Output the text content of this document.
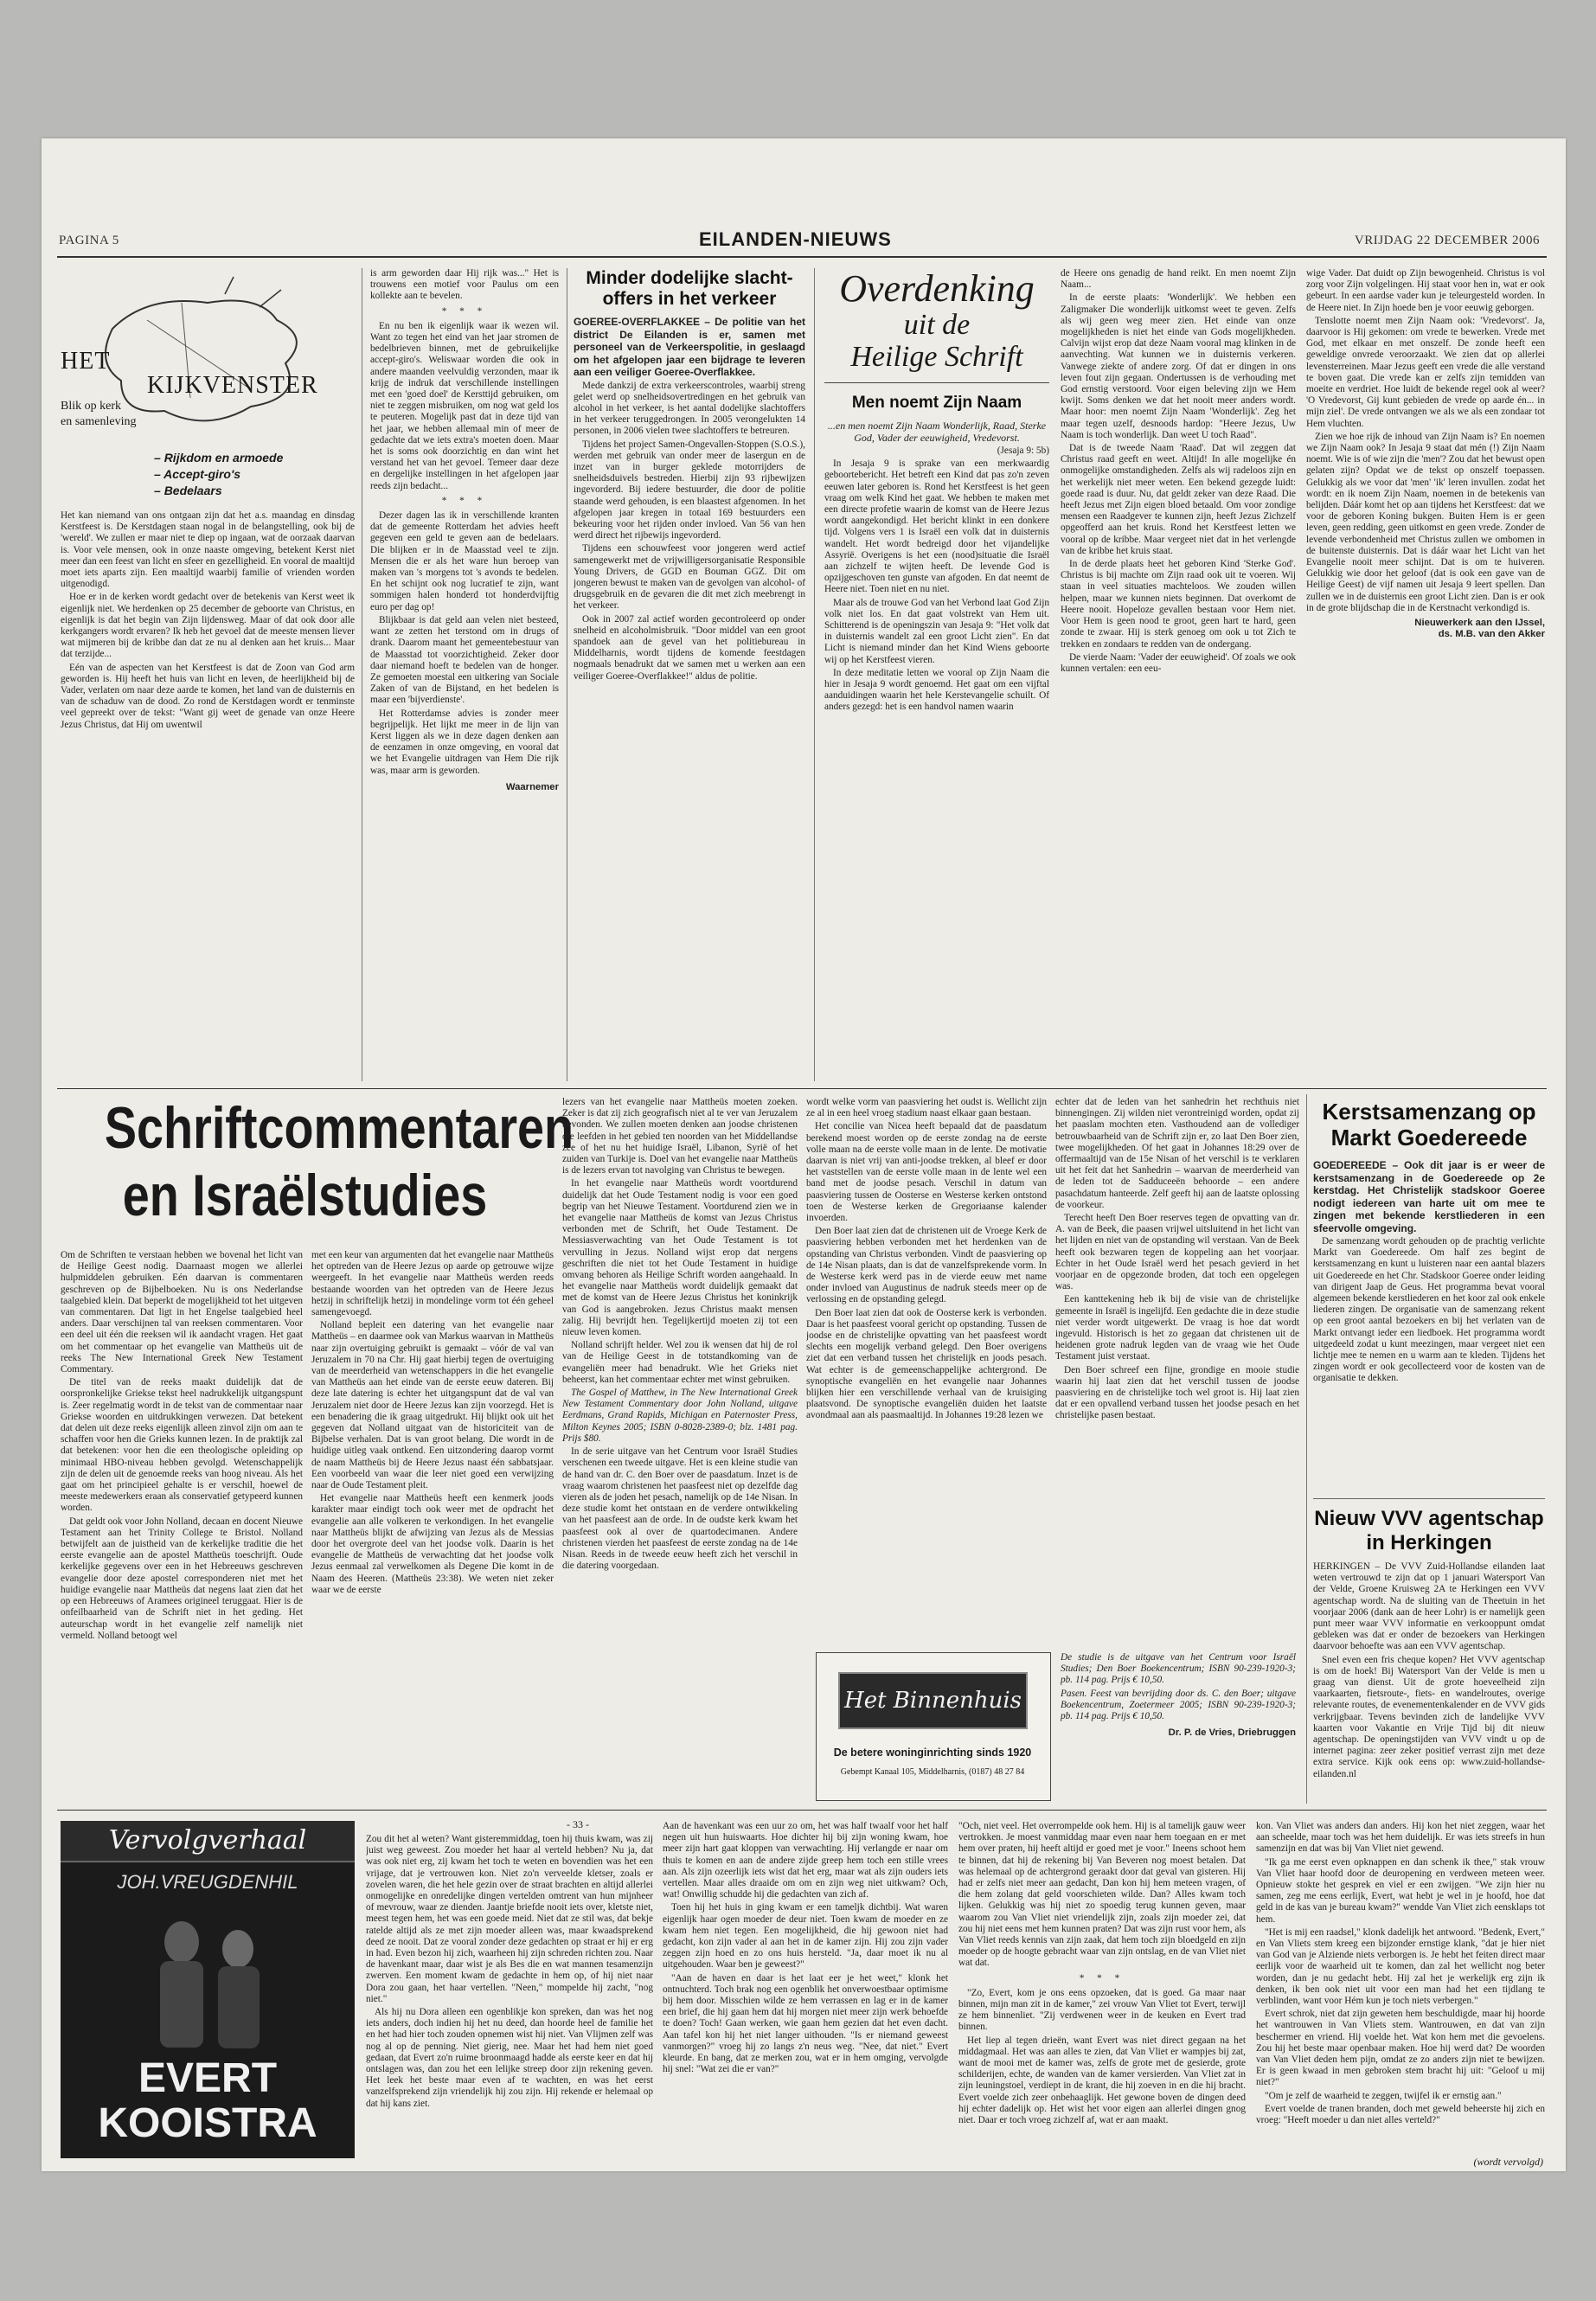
PAGINA 5	EILANDEN-NIEUWS	VRIJDAG 22 DECEMBER 2006
HET
KIJKVENSTER
Blik op kerk
en samenleving

– Rijkdom en armoede

– Accept-giro's

– Bedelaars

Het kan niemand van ons ontgaan zijn dat het a.s. maandag en dinsdag Kerstfeest is. De Kerstdagen staan nogal in de belangstelling, ook bij de 'wereld'. We zullen er maar niet te diep op ingaan, wat de oorzaak daarvan is. Voor vele mensen, ook in onze naaste omgeving, betekent Kerst niet meer dan een feest van licht en sfeer en gezelligheid. En vooral de maaltijd moet iets aparts zijn. Een maaltijd waarbij familie of vrienden worden uitgenodigd.

Hoe er in de kerken wordt gedacht over de betekenis van Kerst weet ik eigenlijk niet. We herdenken op 25 december de geboorte van Christus, en eigenlijk is dat het begin van Zijn lijdensweg. Maar of dat ook door alle kerkgangers wordt ervaren? Ik heb het gevoel dat de meeste mensen liever wat mijmeren bij de kribbe dan dat ze nu al denken aan het kruis... Maar dat terzijde...

Eén van de aspecten van het Kerstfeest is dat de Zoon van God arm geworden is. Hij heeft het huis van licht en leven, de heerlijkheid bij de Vader, verlaten om naar deze aarde te komen, het land van de duisternis en van de schaduw van de dood. Zo rond de Kerstdagen wordt er tenminste veel gepreekt over de tekst: "Want gij weet de genade van onze Heere Jezus Christus, dat Hij om uwentwil

is arm geworden daar Hij rijk was..." Het is trouwens een motief voor Paulus om een kollekte aan te bevelen.

* * *

En nu ben ik eigenlijk waar ik wezen wil. Want zo tegen het eind van het jaar stromen de bedelbrieven binnen, met de gebruikelijke accept-giro's. Weliswaar worden die ook in andere maanden veelvuldig verzonden, maar ik krijg de indruk dat verschillende instellingen met een 'goed doel' de Kersttijd gebruiken, om niet te zeggen misbruiken, om nog wat geld los te peuteren. Mogelijk past dat in deze tijd van het jaar, we hebben allemaal min of meer de gedachte dat we iets extra's moeten doen. Maar het is soms ook doorzichtig en dan wint het verstand het van het gevoel. Temeer daar deze en dergelijke instellingen in het afgelopen jaar reeds zijn bedacht...

* * *

Dezer dagen las ik in verschillende kranten dat de gemeente Rotterdam het advies heeft gegeven een geld te geven aan de bedelaars. Die blijken er in de Maasstad veel te zijn. Mensen die er als het ware hun beroep van maken van 's morgens tot 's avonds te bedelen. En het schijnt ook nog lucratief te zijn, want sommigen halen honderd tot honderdvijftig euro per dag op!

Blijkbaar is dat geld aan velen niet besteed, want ze zetten het terstond om in drugs of drank. Daarom maant het gemeentebestuur van de Maasstad tot voorzichtigheid. Zeker door daar niemand hoeft te bedelen van de honger. Ze gemoeten moestal een uitkering van Sociale Zaken of van de Bijstand, en het bedelen is maar een 'bijverdienste'.

Het Rotterdamse advies is zonder meer begrijpelijk. Het lijkt me meer in de lijn van Kerst liggen als we in deze dagen denken aan de eenzamen in onze omgeving, en vooral dat we het Evangelie uitdragen van Hem Die rijk was, maar arm is geworden.

Waarnemer
Minder dodelijke slacht-
offers in het verkeer

GOEREE-OVERFLAKKEE – De politie van het district De Eilanden is er, samen met personeel van de Verkeerspolitie, in geslaagd om het afgelopen jaar een bijdrage te leveren aan een veiliger Goeree-Overflakkee.

Mede dankzij de extra verkeerscontroles, waarbij streng gelet werd op snelheidsovertredingen en het gebruik van alcohol in het verkeer, is het aantal dodelijke slachtoffers in het verkeer teruggedrongen. In 2005 verongelukten 14 personen, in 2006 vielen twee slachtoffers te betreuren.

Tijdens het project Samen-Ongevallen-Stoppen (S.O.S.), werden met gebruik van onder meer de lasergun en de inzet van in burger geklede motorrijders de snelheidsduivels bestreden. Hierbij zijn 93 rijbewijzen ingevorderd. Bij iedere bestuurder, die door de politie staande werd gehouden, is een blaastest afgenomen. In het afgelopen jaar kregen in totaal 169 bestuurders een bekeuring voor het rijden onder invloed. Van 56 van hen werd direct het rijbewijs ingevorderd.

Tijdens een schouwfeest voor jongeren werd actief samengewerkt met de vrijwilligersorganisatie Responsible Young Drivers, de GGD en Bouman GGZ. Dit om jongeren bewust te maken van de gevolgen van alcohol- of drugsgebruik en de gevaren die dit met zich meebrengt in het verkeer.

Ook in 2007 zal actief worden gecontroleerd op onder snelheid en alcoholmisbruik. "Door middel van een groot spandoek aan de gevel van het politiebureau in Middelharnis, wordt tijdens de komende feestdagen nogmaals benadrukt dat we samen met u werken aan een veiliger Goeree-Overflakkee!" aldus de politie.

Overdenking
uit de
Heilige Schrift
Men noemt Zijn Naam

...en men noemt Zijn Naam Wonderlijk, Raad, Sterke God, Vader der eeuwigheid, Vredevorst.

(Jesaja 9: 5b)

In Jesaja 9 is sprake van een merkwaardig geboortebericht. Het betreft een Kind dat pas zo'n zeven eeuwen later geboren is. Rond het Kerstfeest is het geen vraag om welk Kind het gaat. We hebben te maken met een directe profetie waarin de komst van de Heere Jezus wordt aangekondigd. Het bericht klinkt in een donkere tijd. Volgens vers 1 is Israël een volk dat in duisternis wandelt. Het wordt bedreigd door het vijandelijke Assyrië. Overigens is het een (nood)situatie die Israël aan zichzelf te wijten heeft. De levende God is opzijgeschoven ten gunste van afgoden. En dat neemt de Heere niet. Toen niet en nu niet.

Maar als de trouwe God van het Verbond laat God Zijn volk niet los. En dat gaat volstrekt van Hem uit. Schitterend is de openingszin van Jesaja 9: "Het volk dat in duisternis wandelt zal een groot Licht zien". En dat Licht is niemand minder dan het Kind Wiens geboorte wij op het Kerstfeest vieren.

In deze meditatie letten we vooral op Zijn Naam die hier in Jesaja 9 wordt genoemd. Het gaat om een vijftal aanduidingen waarin het hele Kerstevangelie schuilt. Of anders gezegd: het is een handvol namen waarin

de Heere ons genadig de hand reikt. En men noemt Zijn Naam...

In de eerste plaats: 'Wonderlijk'. We hebben een Zaligmaker Die wonderlijk uitkomst weet te geven. Zelfs als wij geen weg meer zien. Het einde van onze mogelijkheden is niet het einde van Gods mogelijkheden. Calvijn wijst erop dat deze Naam vooral mag klinken in de aanvechting. Wat kunnen we in duisternis verkeren. Vanwege ziekte of andere zorg. Of dat er dingen in ons leven fout zijn gegaan. Ondertussen is de verhouding met God ernstig verstoord. Voor eigen beleving zijn we Hem kwijt. Soms denken we dat het nooit meer anders wordt. Maar hoor: men noemt Zijn Naam 'Wonderlijk'. Zeg het maar tegen uzelf, desnoods hardop: "Heere Jezus, Uw Naam is toch wonderlijk. Dan weet U toch Raad".

Dat is de tweede Naam 'Raad'. Dat wil zeggen dat Christus raad geeft en weet. Altijd! In alle mogelijke én onmogelijke omstandigheden. Zelfs als wij radeloos zijn en het werkelijk niet meer weten. Een bekend gezegde luidt: goede raad is duur. Nu, dat geldt zeker van deze Raad. Die heeft Jezus met Zijn eigen bloed betaald. Om voor zondige mensen een Raadgever te kunnen zijn, heeft Jezus Zichzelf opgeofferd aan het kruis. Rond het Kerstfeest letten we vooral op de kribbe. Maar vergeet niet dat in het verlengde van de kribbe het kruis staat.

In de derde plaats heet het geboren Kind 'Sterke God'. Christus is bij machte om Zijn raad ook uit te voeren. Wij staan in veel situaties machteloos. We zouden willen helpen, maar we kunnen niets beginnen. Dat overkomt de Heere nooit. Hopeloze gevallen bestaan voor Hem niet. Voor Hem is geen nood te groot, geen hart te hard, geen zonde te zwaar. Hij is sterk genoeg om ook u tot Zich te trekken en zondaars te redden van de ondergang.

De vierde Naam: 'Vader der eeuwigheid'. Of zoals we ook kunnen vertalen: een eeu-

wige Vader. Dat duidt op Zijn bewogenheid. Christus is vol zorg voor Zijn volgelingen. Hij staat voor hen in, wat er ook gebeurt. In een aardse vader kun je teleurgesteld worden. In de Heere niet. In Zijn hoede ben je voor eeuwig geborgen.

Tenslotte noemt men Zijn Naam ook: 'Vredevorst'. Ja, daarvoor is Hij gekomen: om vrede te bewerken. Vrede met God, met elkaar en met onszelf. De zonde heeft een geweldige onvrede veroorzaakt. We zien dat op allerlei levensterreinen. Maar Jezus geeft een vrede die alle verstand te boven gaat. Die vrede kan er zelfs zijn temidden van moeite en verdriet. Hoe luidt de bekende regel ook al weer? 'O Vredevorst, Gij kunt gebieden de vrede op aarde én... in mijn ziel'. De vrede ontvangen we als we als een zondaar tot Hem vluchten.

Zien we hoe rijk de inhoud van Zijn Naam is? En noemen we Zijn Naam ook? In Jesaja 9 staat dat mén (!) Zijn Naam noemt. Wie is of wie zijn die 'men'? Zou dat het bewust open gelaten zijn? Opdat we de tekst op onszelf toepassen. Gelukkig als we voor dat 'men' 'ik' leren invullen. zodat het wordt: en ik noem Zijn Naam, noemen in de betekenis van belijden. Dáár komt het op aan tijdens het Kerstfeest: dat we voor de geboren Koning bukgen. Buiten Hem is er geen leven, geen redding, geen uitkomst en geen vrede. Zonder de levende verbondenheid met Christus zullen we ombomen in de buitenste duisternis. Dat is dáár waar het Licht van het Evangelie nooit meer schijnt. Dat is om te huiveren. Gelukkig wie door het geloof (dat is ook een gave van de Heilige Geest) de vijf namen uit Jesaja 9 leert spellen. Dan zullen we in de duisternis een groot Licht zien. Dan is er ook in de grote blijdschap die in de Kerstnacht verkondigd is.

Nieuwerkerk aan den IJssel,
ds. M.B. van den Akker
Schriftcommentaren
en Israëlstudies

Om de Schriften te verstaan hebben we bovenal het licht van de Heilige Geest nodig. Daarnaast mogen we allerlei hulpmiddelen gebruiken. Eén daarvan is commentaren geschreven op de Bijbelboeken. Nu is ons Nederlandse taalgebied klein. Dat beperkt de mogelijkheid tot het uitgeven van commentaren. Dat ligt in het Engelse taalgebied heel anders. Daar verschijnen tal van reeksen commentaren. Voor een deel uit één die reeksen wil ik aandacht vragen. Het gaat om het commentaar op het evangelie van Mattheüs uit de reeks The New International Greek New Testament Commentary.

De titel van de reeks maakt duidelijk dat de oorspronkelijke Griekse tekst heel nadrukkelijk uitgangspunt is. Zeer regelmatig wordt in de tekst van de commentaar naar Griekse woorden en uitdrukkingen verwezen. Dat betekent dat delen uit deze reeks eigenlijk alleen zinvol zijn om aan te schaffen voor hen die Grieks kunnen lezen. In de praktijk zal dat betekenen: voor hen die een theologische opleiding op minimaal HBO-niveau hebben gevolgd. Wetenschappelijk zijn de delen uit de genoemde reeks van hoog niveau. Als het gaat om het principieel gehalte is er verschil, hoewel de meeste medewerkers eraan als conservatief getypeerd kunnen worden.

Dat geldt ook voor John Nolland, decaan en docent Nieuwe Testament aan het Trinity College te Bristol. Nolland betwijfelt aan de juistheid van de kerkelijke traditie die het eerste evangelie aan de apostel Mattheüs toeschrijft. Oude kerkelijke gegevens over een in het Hebreeuws geschreven evangelie door deze apostel corresponderen niet met het huidige evangelie naar Mattheüs dat negens laat zien dat het op een Hebreeuws of Aramees origineel teruggaat. Hier is de onfeilbaarheid van de Schrift niet in het geding. Het auteurschap wordt in het evangelie zelf namelijk niet vermeld. Nolland betoogt wel

met een keur van argumenten dat het evangelie naar Mattheüs het optreden van de Heere Jezus op aarde op getrouwe wijze weergeeft. In het evangelie naar Mattheüs werden reeds bestaande woorden van het optreden van de Heere Jezus hetzij in schriftelijk hetzij in mondelinge vorm tot één geheel samengevoegd.

Nolland bepleit een datering van het evangelie naar Mattheüs – en daarmee ook van Markus waarvan in Mattheüs naar zijn overtuiging gebruikt is gemaakt – vóór de val van Jeruzalem in 70 na Chr. Hij gaat hierbij tegen de overtuiging van de meerderheid van wetenschappers in die het evangelie van Mattheüs aan het einde van de eerste eeuw dateren. Bij deze late datering is echter het uitgangspunt dat de val van Jeruzalem niet door de Heere Jezus kan zijn voorzegd. Het is een benadering die ik graag uitgedrukt. Hij blijkt ook uit het gegeven dat Nolland uitgaat van de historiciteit van de Bijbelse verhalen. Dat is van groot belang. Die wordt in de huidige uitleg vaak ontkend. Een uitzondering daarop vormt de naam Mattheüs bij de Heere Jezus naast één sabbatsjaar. Een voorbeeld van waar die leer niet goed een verwijzing naar de Oude Testament pleit.

Het evangelie naar Mattheüs heeft een kenmerk joods karakter maar eindigt toch ook weer met de opdracht het evangelie aan alle volkeren te verkondigen. In het evangelie naar Mattheüs blijkt de afwijzing van Jezus als de Messias door het overgrote deel van het joodse volk. Daarin is het evangelie de Mattheüs de verwachting dat het joodse volk Jezus eenmaal zal verwelkomen als Degene Die komt in de Naam des Heeren. (Mattheüs 23:38). We weten niet zeker waar we de eerste

lezers van het evangelie naar Mattheüs moeten zoeken. Zeker is dat zij zich geografisch niet al te ver van Jeruzalem bevonden. We zullen moeten denken aan joodse christenen die leefden in het gebied ten noorden van het Middellandse zee of het nu het huidige Israël, Libanon, Syrië of het zuiden van Turkije is. Doel van het evangelie naar Mattheüs is de lezers ervan tot navolging van Christus te bewegen.

In het evangelie naar Mattheüs wordt voortdurend duidelijk dat het Oude Testament nodig is voor een goed begrip van het Nieuwe Testament. Voortdurend zien we in het evangelie naar Mattheüs de komst van Jezus Christus verbonden met de Schrift, het Oude Testament. De Messiasverwachting van het Oude Testament is tot vervulling in Jezus. Nolland wijst erop dat nergens geschriften die niet tot het Oude Testament in huidige omvang behoren als Heilige Schrift worden aangehaald. In het evangelie naar Mattheüs wordt duidelijk gemaakt dat met de komst van de Heere Jezus Christus het koninkrijk van God is aangebroken. Jezus Christus maakt mensen zalig. Hij bevrijdt hen. Tegelijkertijd moeten zij tot een nieuw leven komen.

Nolland schrijft helder. Wel zou ik wensen dat hij de rol van de Heilige Geest in de totstandkoming van de evangeliën meer had benadrukt. Wie het Grieks niet beheerst, kan het commentaar echter met winst gebruiken.

The Gospel of Matthew, in The New International Greek New Testament Commentary door John Nolland, uitgave Eerdmans, Grand Rapids, Michigan en Paternoster Press, Milton Keynes 2005; ISBN 0-8028-2389-0; blz. 1481 pag. Prijs $80.

In de serie uitgave van het Centrum voor Israël Studies verschenen een tweede uitgave. Het is een kleine studie van de hand van dr. C. den Boer over de paasdatum. Inzet is de vraag waarom christenen het paasfeest niet op dezelfde dag vieren als de joden het pesach, namelijk op de 14e Nisan. In deze studie komt het ontstaan en de verdere ontwikkeling van het paasfeest aan de orde. In de oudste kerk kwam het paasfeest ook al over de quartodecimanen. Andere christenen vierden het paasfeest de eerste zondag na de 14e Nisan. Reeds in de tweede eeuw heeft zich het verschil in die datering voorgedaan.

wordt welke vorm van paasviering het oudst is. Wellicht zijn ze al in een heel vroeg stadium naast elkaar gaan bestaan.

Het concilie van Nicea heeft bepaald dat de paasdatum berekend moest worden op de eerste zondag na de eerste volle maan na de eerste volle maan in de lente. De motivatie daarvan is niet vrij van anti-joodse trekken, al bleef er door het vaststellen van de eerste volle maan in de lente wel een band met de joodse pesach. Verschil in datum van paasviering tussen de Oosterse en Westerse kerken ontstond toen de Westerse kerken de Gregoriaanse kalender invoerden.

Den Boer laat zien dat de christenen uit de Vroege Kerk de paasviering hebben verbonden met het herdenken van de opstanding van Christus verbonden. Vindt de paasviering op de 14e Nisan plaats, dan is dat de vanzelfsprekende vorm. In de Westerse kerk werd pas in de vierde eeuw met name onder invloed van Augustinus de nadruk steeds meer op de verlossing en de opstanding gelegd.

Den Boer laat zien dat ook de Oosterse kerk is verbonden. Daar is het paasfeest vooral gericht op opstanding. Tussen de joodse en de christelijke opvatting van het paasfeest wordt slechts een mogelijk verband gelegd. Den Boer overigens ziet dat een verband tussen het christelijk en joods pesach. Wat echter is de gemeenschappelijke achtergrond. De synoptische evangeliën en het evangelie naar Johannes blijken hier een verschillende verhaal van de kruisiging plaatsvond. De synoptische evangeliën duiden het laatste avondmaal aan als paasmaaltijd. In Johannes 19:28 lezen we

echter dat de leden van het sanhedrin het rechthuis niet binnengingen. Zij wilden niet verontreinigd worden, opdat zij het paaslam mochten eten. Vasthoudend aan de vollediger betrouwbaarheid van de Schrift zijn er, zo laat Den Boer zien, twee mogelijkheden. Of het gaat in Johannes 18:29 over de offermaaltijd van de 15e Nisan of het verschil is te verklaren uit het feit dat het Sanhedrin – waarvan de meerderheid van de leden tot de Sadduceeën behoorde – een andere pasachdatum hanteerde. Zelf geeft hij aan de laatste oplossing de voorkeur.

Terecht heeft Den Boer reserves tegen de opvatting van dr. A. van de Beek, die paasen vrijwel uitsluitend in het licht van het lijden en niet van de opstanding wil verstaan. Van de Beek heeft ook bezwaren tegen de koppeling aan het voorjaar. Echter in het Oude Israël werd het pesach gevierd in het voorjaar en de opgezonde broden, dat toch een opgelegen was.

Een kanttekening heb ik bij de visie van de christelijke gemeente in Israël is ingelijfd. Een gedachte die in deze studie niet verder wordt uitgewerkt. De vraag is hoe dat wordt ingevuld. Historisch is het zo gegaan dat christenen uit de heidenen grote nadruk legden van de vraag wie het Oude Testament juist verstaat.

Den Boer schreef een fijne, grondige en mooie studie waarin hij laat zien dat het verschil tussen de joodse paasviering en de christelijke toch wel groot is. Hij laat zien dat er een opvallend verband tussen het joodse pesach en het christelijke pasen bestaat.

Het Binnenhuis
De betere woninginrichting sinds 1920
Gebempt Kanaal 105, Middelharnis, (0187) 48 27 84

De studie is de uitgave van het Centrum voor Israël Studies; Den Boer Boekencentrum; ISBN 90-239-1920-3; pb. 114 pag. Prijs € 10,50.

Pasen. Feest van bevrijding door ds. C. den Boer; uitgave Boekencentrum, Zoetermeer 2005; ISBN 90-239-1920-3; pb. 114 pag. Prijs € 10,50.

Dr. P. de Vries, Driebruggen
Kerstsamenzang op
Markt Goedereede

GOEDEREEDE – Ook dit jaar is er weer de kerstsamenzang in de Goedereede op 2e kerstdag. Het Christelijk stadskoor Goeree nodigt iedereen van harte uit om mee te zingen met bekende kerstliederen in een sfeervolle omgeving.

De samenzang wordt gehouden op de prachtig verlichte Markt van Goedereede. Om half zes begint de kerstsamenzang en kunt u luisteren naar een aantal blazers uit Goedereede en het Chr. Stadskoor Goeree onder leiding van dirigent Jaap de Geus. Het programma bevat vooral algemeen bekende kerstliederen en het koor zal ook enkele liederen zingen. De organisatie van de samenzang rekent op een groot aantal bezoekers en bij het verlaten van de Markt ontvangt ieder een liedboek. Het programma wordt uitgedeeld zodat u kunt meezingen, maar vergeet niet een lichtje mee te nemen en u warm aan te kleden. Tijdens het zingen wordt er ook gecollecteerd voor de kosten van de organisatie te dekken.

Nieuw VVV agentschap
in Herkingen

HERKINGEN – De VVV Zuid-Hollandse eilanden laat weten vertrouwd te zijn dat op 1 januari Watersport Van der Velde, Groene Kruisweg 2A te Herkingen een VVV agentschap wordt. Na de sluiting van de Theetuin in het voorjaar 2006 (dank aan de heer Lohr) is er namelijk geen punt meer waar VVV informatie en verkooppunt omdat gebleken was dat er onder de bezoekers van Herkingen daarvoor behoefte was aan een VVV agentschap.

Snel even een fris cheque kopen? Het VVV agentschap is om de hoek! Bij Watersport Van der Velde is men u graag van dienst. Uit de grote hoeveelheid zijn vaarkaarten, fietsroute-, fiets- en wandelroutes, overige relevante routes, de evenementenkalender en de VVV gids verkrijgbaar. Tevens bevinden zich de landelijke VVV kaarten voor Vakantie en Vrije Tijd bij dit nieuw agentschap. De openingstijden van VVV vindt u op de internet pagina: zeer zeker positief verrast zijn met deze extra service. Kijk ook eens op: www.zuid-hollandse-eilanden.nl

Vervolgverhaal
JOH.VREUGDENHIL
EVERT
KOOISTRA
- 33 -

Zou dit het al weten? Want gisteremmiddag, toen hij thuis kwam, was zij juist weg geweest. Zou moeder het haar al verteld hebben? Nu ja, dat was ook niet erg, zij kwam het toch te weten en bovendien was het een vrijage, dat je vertrouwen kon. Niet zo'n verveelde kletser, zoals er zovelen waren, die het hele gezin over de straat brachten en altijd allerlei onmogelijke en onredelijke dingen vertelden omtrent van hun mijnheer of mevrouw, waar ze dienden. Jaantje briefde nooit iets over, kletste niet, meest tegen hem, het was een goede meid. Niet dat ze stil was, dat bekje ratelde altijd als ze met zijn moeder alleen was, maar kwaadsprekend deed ze nooit. Dat ze vooral zonder deze gedachten op straat er hij er erg in had. Even bezon hij zich, waarheen hij zijn schreden richten zou. Naar de havenkant maar, daar wist je als Bes die en wat mannen tesamenzijn zwerven. Een moment kwam de gedachte in hem op, of hij niet naar Dora zou gaan, het haar vertellen. "Neen," mompelde hij zacht, "nog niet."

Als hij nu Dora alleen een ogenblikje kon spreken, dan was het nog iets anders, doch indien hij het nu deed, dan hoorde heel de familie het en het had hier toch zouden opnemen wist hij niet. Van Vlijmen zelf was nog al op de penning. Niet gierig, nee. Maar het had hem niet goed gedaan, dat Evert zo'n ruime broonmaagd hadde als eerste keer en dat hij ontslagen was, dan zou het een lelijke streep door zijn rekening geven. Het leek het beste maar even af te wachten, en was het eerst vanzelfsprekend zijn vriendelijk hij zou zijn. Hij rekende er helemaal op dat hij kans ziet.

Aan de havenkant was een uur zo om, het was half twaalf voor het half negen uit hun huiswaarts. Hoe dichter hij bij zijn woning kwam, hoe meer zijn hart gaat kloppen van verwachting. Hij verlangde er naar om thuis te komen en aan de andere zijde greep hem toch een stille vrees aan. Als zijn ozeerlijk iets wist dat het erg, maar wat als zijn ouders iets vertellen. Maar alles draaide om om en zijn weg niet uitkwam? Och, wat! Onwillig schudde hij die gedachten van zich af.

Toen hij het huis in ging kwam er een tameljk dichtbij. Wat waren eigenlijk haar ogen moeder de deur niet. Toen kwam de moeder en ze kwam hem niet tegen. Een mogelijkheid, die hij gewoon niet had gedacht, kon zijn vader al aan het in de kamer zijn. Hij zou zijn vader zeggen zijn hoed en zo ons huis hersteld. "Ja, daar moet ik nu al uitgehouden. Waar ben je geweest?"

"Aan de haven en daar is het laat eer je het weet," klonk het ontnuchterd. Toch brak nog een ogenblik het onverwoestbaar optimisme bij hem door. Misschien wilde ze hem verrassen en lag er in de kamer een brief, die hij gaan hem dat hij morgen niet meer zijn werk behoefde te doen? Toch! Gaan werken, wie gaan hem gezien dat het even dacht. Aan tafel kon hij het niet langer uithouden. "Is er niemand geweest vanmorgen?" vroeg hij zo langs z'n neus weg. "Nee, dat niet." Evert kleurde. En bang, dat ze merken zou, wat er in hem omging, vervolgde hij snel: "Wat zei die er van?"

"Och, niet veel. Het overrompelde ook hem. Hij is al tamelijk gauw weer vertrokken. Je moest vanmiddag maar even naar hem toegaan en er met hem over praten, hij heeft altijd er goed met je voor." Ineens schoot hem te binnen, dat hij de rekening bij Van Beveren nog moest betalen. Dat was helemaal op de achtergrond geraakt door dat geval van gisteren. Hij had er zelfs niet meer aan gedacht, Dan kon hij hem meteen vragen, of die hem zolang dat geld voorschieten wilde. Dan? Alles kwam toch lijken. Gelukkig was hij niet zo spoedig terug kunnen geven, maar waarom zou Van Vliet niet vriendelijk zijn, zoals zijn moeder zei, dat zou hij niet eens met hem kunnen praten? Dat was zijn rust voor hem, als Van Vliet reeds kennis van zijn zaak, dat hem toch zijn bloedgeld en zijn moeder op de hoogte gebracht waar van zijn ontslag, en de van Vliet niet wat dat.

* * *

"Zo, Evert, kom je ons eens opzoeken, dat is goed. Ga maar naar binnen, mijn man zit in de kamer," zei vrouw Van Vliet tot Evert, terwijl ze hem binnenliet. "Zij verdwenen weer in de keuken en Evert trad binnen.

Het liep al tegen drieën, want Evert was niet direct gegaan na het middagmaal. Het was aan alles te zien, dat Van Vliet er wampjes bij zat, want de mooi met de kamer was, zelfs de grote met de gesierde, grote schilderijen, echte, de wanden van de kamer versierden. Van Vliet zat in zijn leuningstoel, verdiept in de krant, die hij zoeven in en die hij bracht. Evert voelde zich zeer onbehaaglijk. Het gewone boven de dingen deed hij echter dadelijk op. Het wist het voor eigen aan allerlei dingen gnog niet. Daar er toch vroeg zichzelf af, wat er aan maakt.

kon. Van Vliet was anders dan anders. Hij kon het niet zeggen, waar het aan scheelde, maar toch was het hem duidelijk. Er was iets streefs in hun samenzijn en dat was bij Van Vliet niet gewend.

"Ik ga me eerst even opknappen en dan schenk ik thee," stak vrouw Van Vliet haar hoofd door de deuropening en verdween meteen weer. Opnieuw stokte het gesprek en viel er een zwijgen. "We zijn hier nu samen, zeg me eens eerlijk, Evert, wat hebt je wel in je hoofd, hoe dat geld in de kas van je bureau kwam?" wendde Van Vliet zich eensklaps tot hem.

"Het is mij een raadsel," klonk dadelijk het antwoord. "Bedenk, Evert," en Van Vliets stem kreeg een bijzonder ernstige klank, "dat je hier niet van God van je Alziende niets verborgen is. Je hebt het feiten direct maar eerlijk voor de waarheid uit te komen, dan zal het wellicht nog beter worden, dan je nu gedacht hebt. Hij zal het je werkelijk erg zijn ik denken, ik ben ook niet uit voor een man had het een tijdlang te verblinden, want voor Hém kun je toch niets verbergen."

Evert schrok, niet dat zijn geweten hem beschuldigde, maar hij hoorde het wantrouwen in Van Vliets stem. Wantrouwen, en dat van zijn beschermer en vriend. Hij voelde het. Wat kon hem met die gevoelens. Zou hij het beste maar openbaar maken. Hoe hij werd dat? De woorden van Van Vliet deden hem pijn, omdat ze zo anders zijn niet te bewijzen. Er is geen kwaad in men gebroken stem bracht hij uit: "Geloof u mij niet?"

"Om je zelf de waarheid te zeggen, twijfel ik er ernstig aan."

Evert voelde de tranen branden, doch met geweld beheerste hij zich en vroeg: "Heeft moeder u dan niet alles verteld?"

(wordt vervolgd)
